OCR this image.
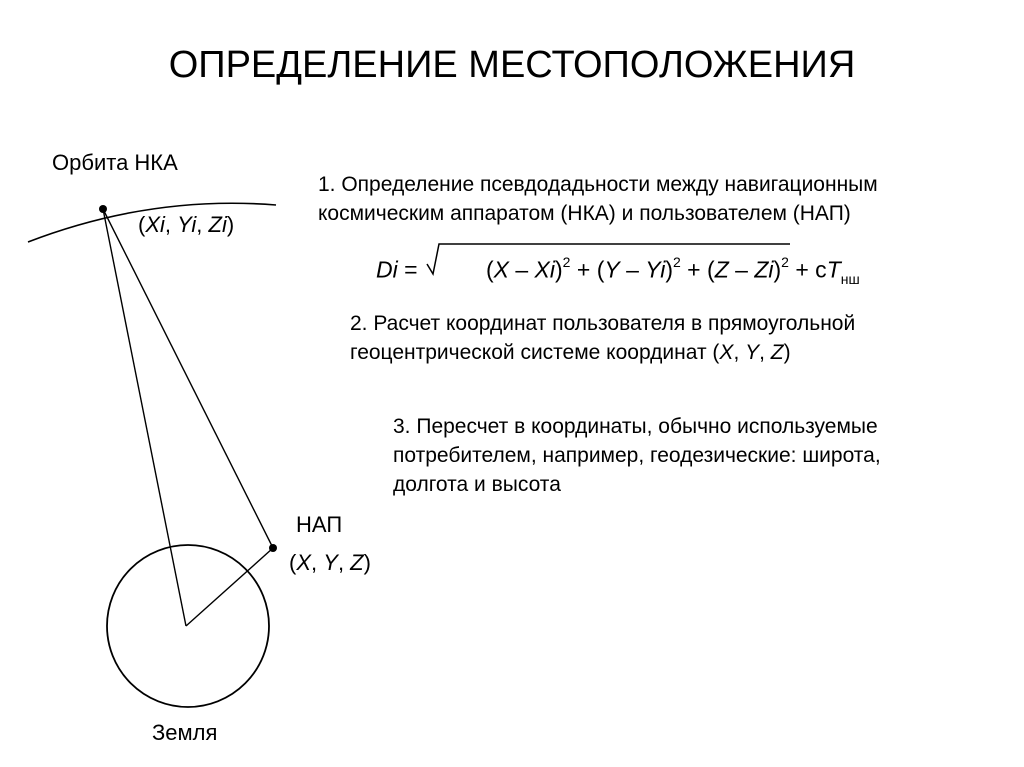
ОПРЕДЕЛЕНИЕ МЕСТОПОЛОЖЕНИЯ
Орбита НКА
(Xi, Yi, Zi)
НАП
(X, Y, Z)
Земля
1. Определение псевдодадьности между навигационным
космическим аппаратом (НКА) и пользователем (НАП)
Di =	$(X - Xi)^2 + (Y - Yi)^2 + (Z - Zi)^2 + cT_{нш}$
2. Расчет координат пользователя в прямоугольной
геоцентрической системе координат (X, Y, Z)
3. Пересчет в координаты, обычно используемые
потребителем, например, геодезические: широта,
долгота и высота
